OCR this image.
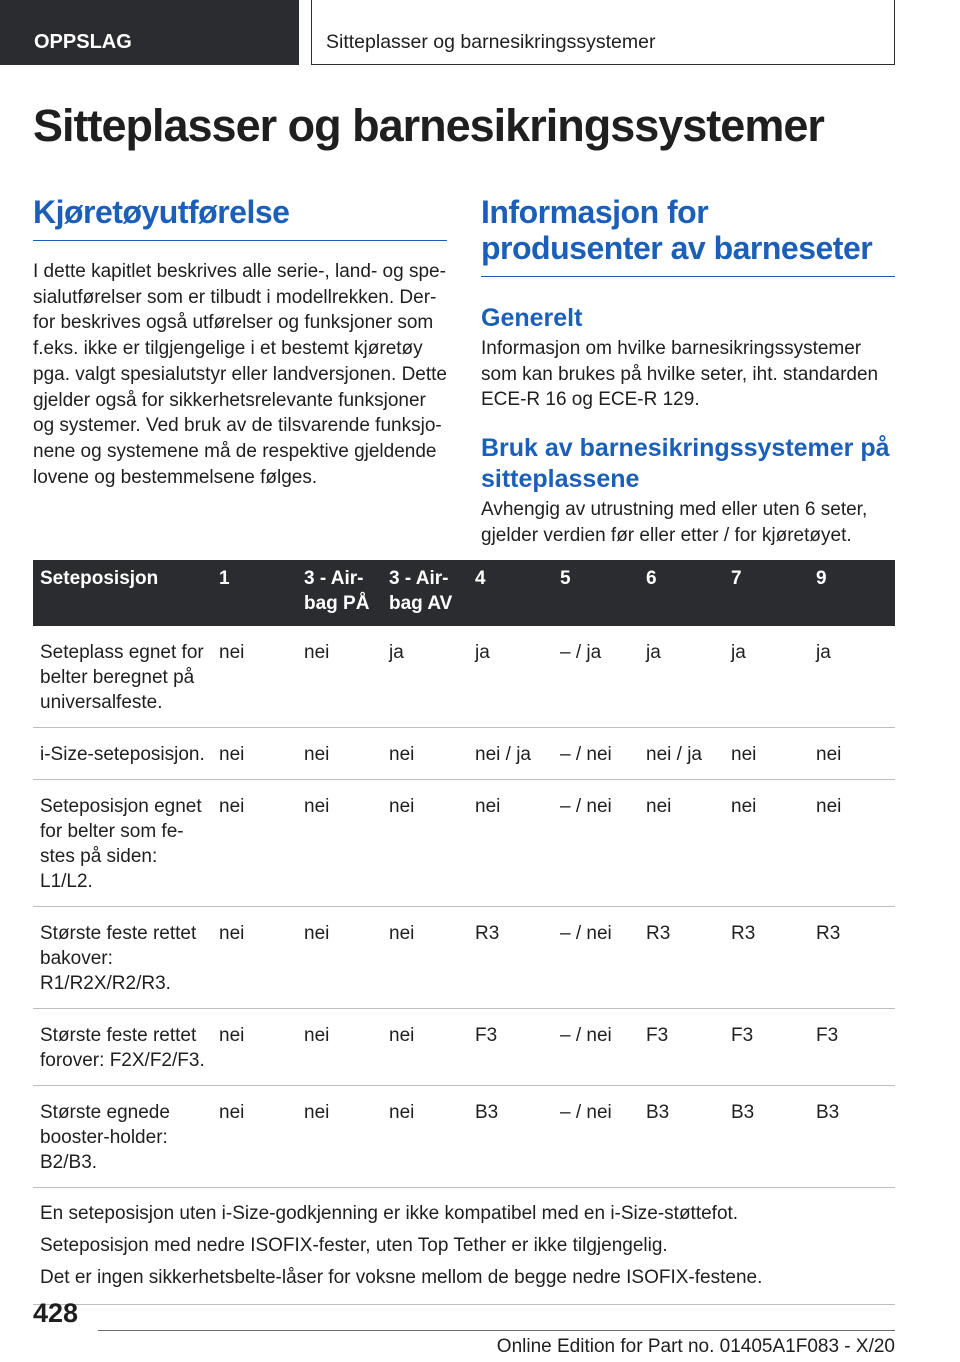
OPPSLAG	Sitteplasser og barnesikringssystemer
Sitteplasser og barnesikringssystemer
Kjøretøyutførelse

I dette kapitlet beskrives alle serie-, land- og spesialutførelser som er tilbudt i modellrekken. Derfor beskrives også utførelser og funksjoner som f.eks. ikke er tilgjengelige i et bestemt kjøretøy pga. valgt spesialutstyr eller landversjonen. Dette gjelder også for sikkerhetsrelevante funksjoner og systemer. Ved bruk av de tilsvarende funksjonene og systemene må de respektive gjeldende lovene og bestemmelsene følges.

Informasjon for produsenter av barneseter
Generelt

Informasjon om hvilke barnesikringssystemer som kan brukes på hvilke seter, iht. standarden ECE-R 16 og ECE-R 129.

Bruk av barnesikringssystemer på sitteplassene

Avhengig av utrustning med eller uten 6 seter, gjelder verdien før eller etter / for kjøretøyet.

Seteposisjon	1	3 - Airbag PÅ	3 - Airbag AV	4	5	6	7	9
Seteplass egnet for belter beregnet på universalfeste.	nei	nei	ja	ja	– / ja	ja	ja	ja
i-Size-seteposisjon.	nei	nei	nei	nei / ja	– / nei	nei / ja	nei	nei
Seteposisjon egnet for belter som festes på siden: L1/L2.	nei	nei	nei	nei	– / nei	nei	nei	nei
Største feste rettet bakover: R1/R2X/R2/R3.	nei	nei	nei	R3	– / nei	R3	R3	R3
Største feste rettet forover: F2X/F2/F3.	nei	nei	nei	F3	– / nei	F3	F3	F3
Største egnede booster-holder: B2/B3.	nei	nei	nei	B3	– / nei	B3	B3	B3

En seteposisjon uten i-Size-godkjenning er ikke kompatibel med en i-Size-støttefot.
Seteposisjon med nedre ISOFIX-fester, uten Top Tether er ikke tilgjengelig.
Det er ingen sikkerhetsbelte-låser for voksne mellom de begge nedre ISOFIX-festene.								
428
Online Edition for Part no. 01405A1F083 - X/20
